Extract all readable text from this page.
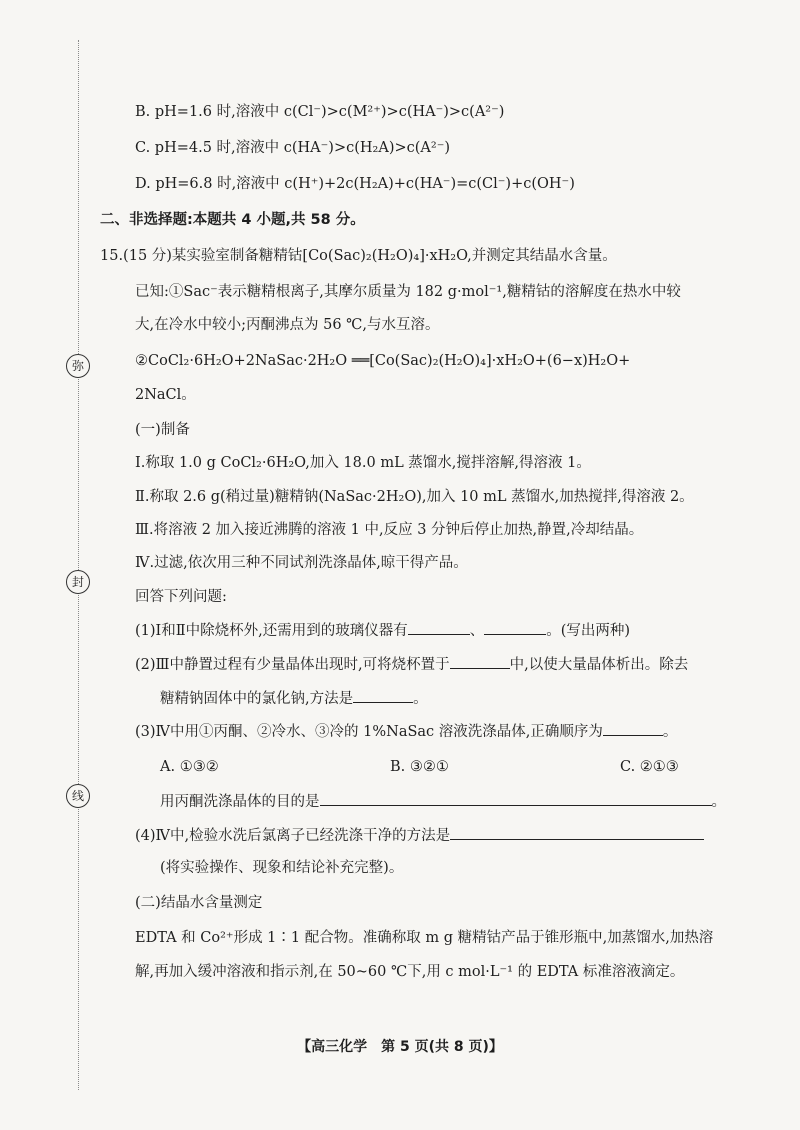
弥
封
线
B. pH=1.6 时,溶液中 c(Cl⁻)>c(M²⁺)>c(HA⁻)>c(A²⁻)
C. pH=4.5 时,溶液中 c(HA⁻)>c(H₂A)>c(A²⁻)
D. pH=6.8 时,溶液中 c(H⁺)+2c(H₂A)+c(HA⁻)=c(Cl⁻)+c(OH⁻)
二、非选择题:本题共 4 小题,共 58 分。
15.(15 分)某实验室制备糖精钴[Co(Sac)₂(H₂O)₄]·xH₂O,并测定其结晶水含量。
已知:①Sac⁻表示糖精根离子,其摩尔质量为 182 g·mol⁻¹,糖精钴的溶解度在热水中较
大,在冷水中较小;丙酮沸点为 56 ℃,与水互溶。
②CoCl₂·6H₂O+2NaSac·2H₂O ══[Co(Sac)₂(H₂O)₄]·xH₂O+(6−x)H₂O+
2NaCl。
(一)制备
Ⅰ.称取 1.0 g CoCl₂·6H₂O,加入 18.0 mL 蒸馏水,搅拌溶解,得溶液 1。
Ⅱ.称取 2.6 g(稍过量)糖精钠(NaSac·2H₂O),加入 10 mL 蒸馏水,加热搅拌,得溶液 2。
Ⅲ.将溶液 2 加入接近沸腾的溶液 1 中,反应 3 分钟后停止加热,静置,冷却结晶。
Ⅳ.过滤,依次用三种不同试剂洗涤晶体,晾干得产品。
回答下列问题:
(1)Ⅰ和Ⅱ中除烧杯外,还需用到的玻璃仪器有	、	。(写出两种)
(2)Ⅲ中静置过程有少量晶体出现时,可将烧杯置于	中,以使大量晶体析出。除去
糖精钠固体中的氯化钠,方法是	。
(3)Ⅳ中用①丙酮、②冷水、③冷的 1%NaSac 溶液洗涤晶体,正确顺序为	。
A. ①③②	B. ③②①	C. ②①③
用丙酮洗涤晶体的目的是	。
(4)Ⅳ中,检验水洗后氯离子已经洗涤干净的方法是
(将实验操作、现象和结论补充完整)。
(二)结晶水含量测定
EDTA 和 Co²⁺形成 1∶1 配合物。准确称取 m g 糖精钴产品于锥形瓶中,加蒸馏水,加热溶
解,再加入缓冲溶液和指示剂,在 50~60 ℃下,用 c mol·L⁻¹ 的 EDTA 标准溶液滴定。
【高三化学　第 5 页(共 8 页)】
